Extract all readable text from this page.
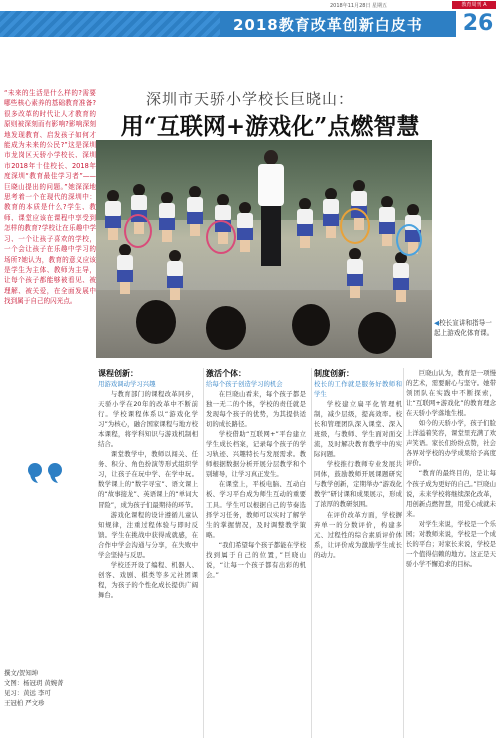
2018年11月28日 星期五	教育周刊 A
2018教育改革创新白皮书	26
深圳市天骄小学校长巨晓山：
用“互联网+游戏化”点燃智慧
“未来的生活是什么样的?需要哪些核心素养的基础教育准备?很多改革的时代让人才教育的原则被深刻而有影响?影响深刻地发现教育、启发孩子如何才能成为未来的公民?”这是深圳市龙岗区天骄小学校长、深圳市2018年十佳校长、2018年度深圳“教育最佳学习者”——巨晓山提出的问题。”她深深地思考着一个在现代的深圳中：教育的本质是什么?学生、教师、课堂应该在课程中享受到怎样的教育?学校让在乐趣中学习、一个让孩子喜欢的学校，一个会让孩子在乐趣中学习的场所?她认为，教育的意义应该是学生为主体、教师为主导，让每个孩子都能够被看见、被理解、被关爱，在全面发展中找到属于自己的闪光点。
撰文/贺知坤
文图：杨冠玥 黄婉菁
见习：黄远 李可
王冠柏 严文珍
◀校长宣讲和指导一起上游戏化体育课。
课程创新：
用游戏调动学习兴趣

与教育部门的课程改革同步，天骄小学在20年的改革中不断前行。学校课程体系以“游戏化学习”为核心，融合国家课程与地方校本课程，将学科知识与游戏机制相结合。

课堂教学中，教师以闯关、任务、积分、角色扮演等形式组织学习，让孩子在玩中学、在学中玩。数学课上的“数字寻宝”、语文课上的“故事接龙”、英语课上的“单词大冒险”，成为孩子们最期待的环节。

游戏化课程的设计遵循儿童认知规律，注重过程体验与即时反馈。学生在挑战中获得成就感，在合作中学会沟通与分享，在失败中学会坚持与反思。

学校还开设了编程、机器人、创客、戏剧、棋类等多元社团课程，为孩子的个性化成长提供广阔舞台。

激活个体：
给每个孩子创造学习的机会

在巨晓山看来，每个孩子都是独一无二的个体，学校的责任就是发现每个孩子的优势，为其提供适切的成长路径。

学校借助“互联网+”平台建立学生成长档案，记录每个孩子的学习轨迹、兴趣特长与发展需求。教师根据数据分析开展分层教学和个别辅导，让学习真正发生。

在课堂上，平板电脑、互动白板、学习平台成为师生互动的重要工具。学生可以根据自己的节奏选择学习任务，教师可以实时了解学生的掌握情况，及时调整教学策略。

“我们希望每个孩子都能在学校找到属于自己的位置，”巨晓山说，“让每一个孩子都有出彩的机会。”

制度创新：
校长的工作就是服务好教师和学生

学校建立扁平化管理机制，减少层级，提高效率。校长和管理团队深入课堂、深入班级，与教师、学生面对面交流，及时解决教育教学中的实际问题。

学校推行教师专业发展共同体，鼓励教师开展课题研究与教学创新，定期举办“游戏化教学”研讨课和成果展示，形成了浓厚的教研氛围。

在评价改革方面，学校摒弃单一的分数评价，构建多元、过程性的综合素质评价体系，让评价成为激励学生成长的动力。

巨晓山认为，教育是一项慢的艺术，需要耐心与坚守。她带领团队在实践中不断探索，让“互联网+游戏化”的教育理念在天骄小学落地生根。

如今的天骄小学，孩子们脸上洋溢着笑容，课堂里充满了欢声笑语。家长们纷纷点赞，社会各界对学校的办学成果给予高度评价。

“教育的最终目的，是让每个孩子成为更好的自己。”巨晓山说，未来学校将继续深化改革，用创新点燃智慧，用爱心成就未来。

对学生来说，学校是一个乐园；对教师来说，学校是一个成长的平台；对家长来说，学校是一个值得信赖的地方。这正是天骄小学不懈追求的目标。
